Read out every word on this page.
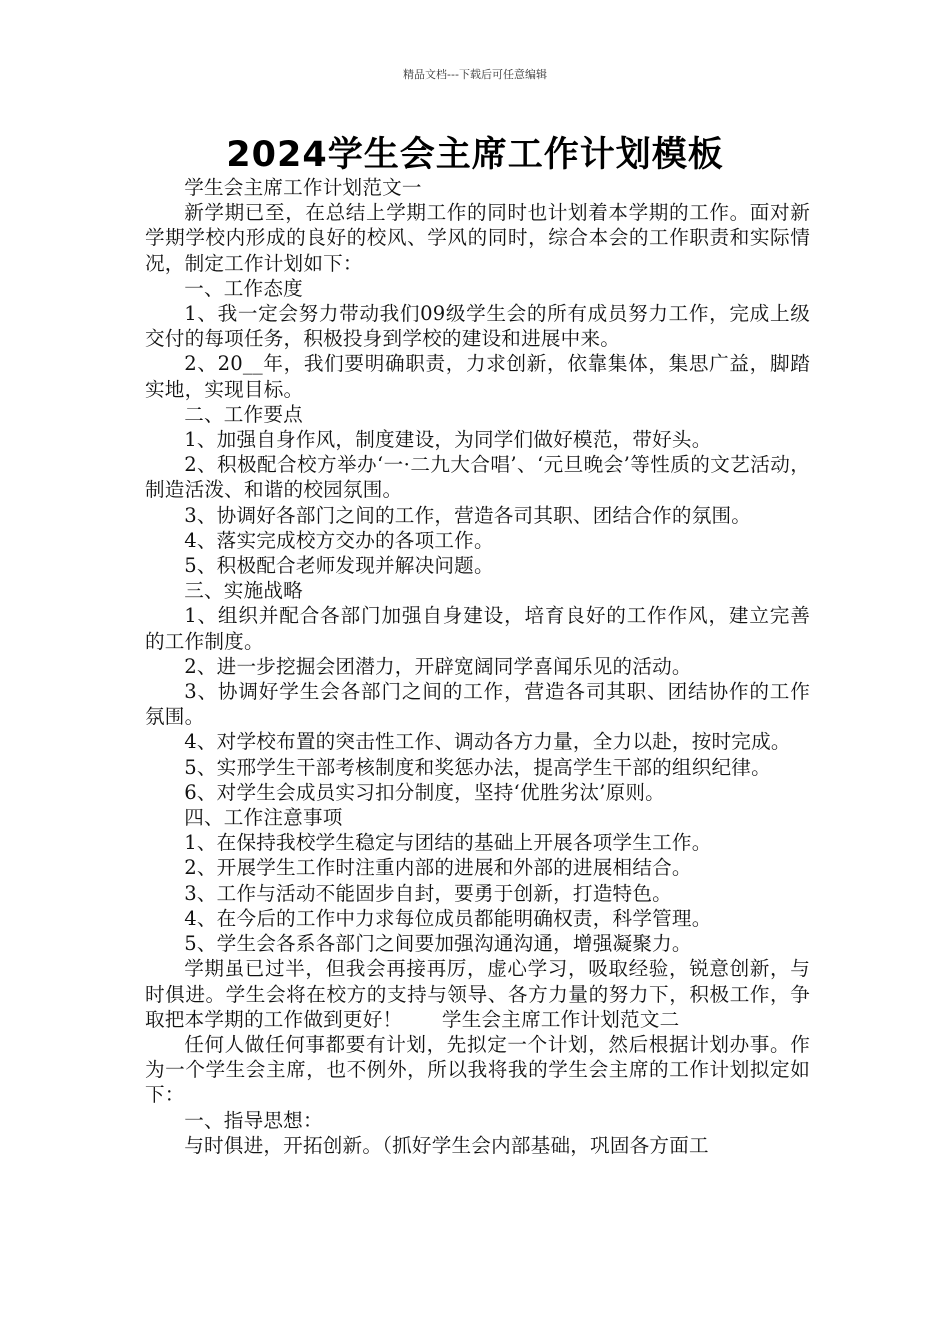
精品文档---下载后可任意编辑
2024学生会主席工作计划模板

学生会主席工作计划范文一

新学期已至，在总结上学期工作的同时也计划着本学期的工作。面对新学期学校内形成的良好的校风、学风的同时，综合本会的工作职责和实际情况，制定工作计划如下：

一、工作态度

1、我一定会努力带动我们09级学生会的所有成员努力工作，完成上级交付的每项任务，积极投身到学校的建设和进展中来。

2、20__年，我们要明确职责，力求创新，依靠集体，集思广益，脚踏实地，实现目标。

二、工作要点

1、加强自身作风，制度建设，为同学们做好模范，带好头。

2、积极配合校方举办‘一·二九大合唱’、‘元旦晚会’等性质的文艺活动，制造活泼、和谐的校园氛围。

3、协调好各部门之间的工作，营造各司其职、团结合作的氛围。

4、落实完成校方交办的各项工作。

5、积极配合老师发现并解决问题。

三、实施战略

1、组织并配合各部门加强自身建设，培育良好的工作作风，建立完善的工作制度。

2、进一步挖掘会团潜力，开辟宽阔同学喜闻乐见的活动。

3、协调好学生会各部门之间的工作，营造各司其职、团结协作的工作氛围。

4、对学校布置的突击性工作、调动各方力量，全力以赴，按时完成。

5、实邢学生干部考核制度和奖惩办法，提高学生干部的组织纪律。

6、对学生会成员实习扣分制度，坚持‘优胜劣汰’原则。

四、工作注意事项

1、在保持我校学生稳定与团结的基础上开展各项学生工作。

2、开展学生工作时注重内部的进展和外部的进展相结合。

3、工作与活动不能固步自封，要勇于创新，打造特色。

4、在今后的工作中力求每位成员都能明确权责，科学管理。

5、学生会各系各部门之间要加强沟通沟通，增强凝聚力。

学期虽已过半，但我会再接再厉，虚心学习，吸取经验，锐意创新，与时俱进。学生会将在校方的支持与领导、各方力量的努力下，积极工作，争取把本学期的工作做到更好！　　学生会主席工作计划范文二

任何人做任何事都要有计划，先拟定一个计划，然后根据计划办事。作为一个学生会主席，也不例外，所以我将我的学生会主席的工作计划拟定如下：

一、指导思想：

与时俱进，开拓创新。（抓好学生会内部基础，巩固各方面工
